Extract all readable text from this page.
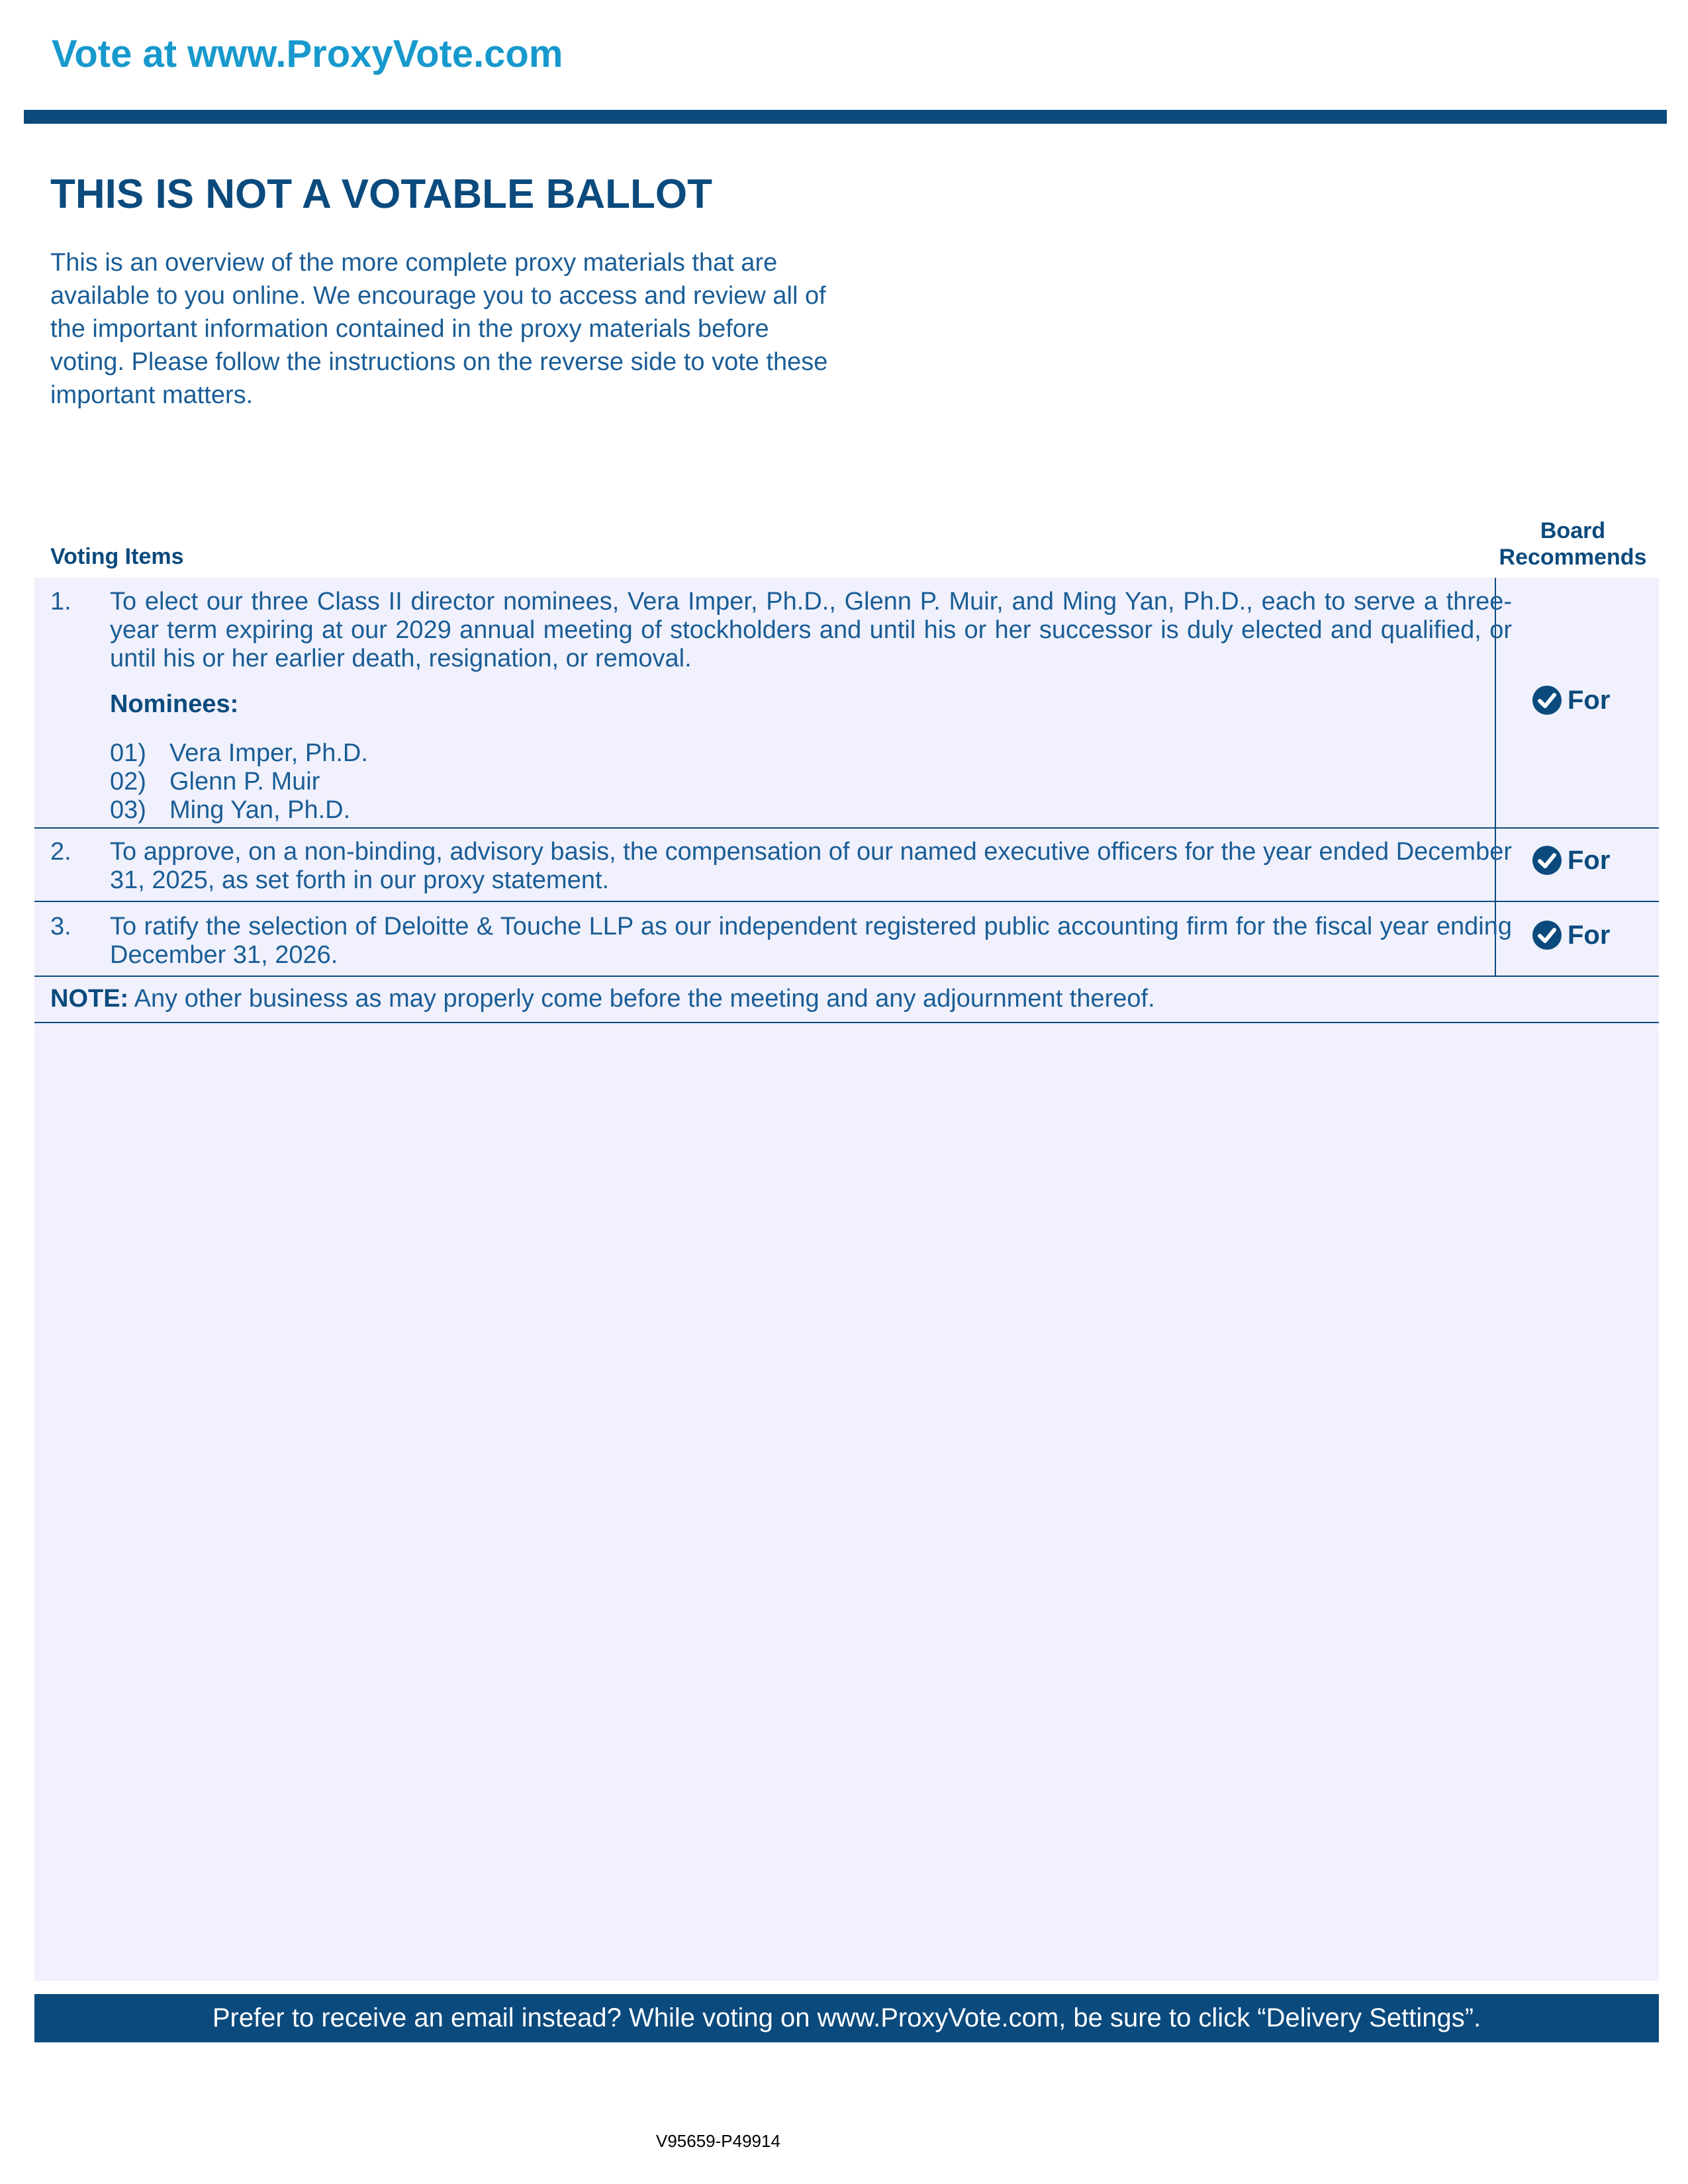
Vote at www.ProxyVote.com
THIS IS NOT A VOTABLE BALLOT

This is an overview of the more complete proxy materials that are available to you online. We encourage you to access and review all of the important information contained in the proxy materials before voting. Please follow the instructions on the reverse side to vote these important matters.

Voting Items
Board
Recommends
1. To elect our three Class II director nominees, Vera Imper, Ph.D., Glenn P. Muir, and Ming Yan, Ph.D., each to serve a three-year term expiring at our 2029 annual meeting of stockholders and until his or her successor is duly elected and qualified, or until his or her earlier death, resignation, or removal.

Nominees:

01) Vera Imper, Ph.D.
02) Glenn P. Muir
03) Ming Yan, Ph.D.
For
2. To approve, on a non-binding, advisory basis, the compensation of our named executive officers for the year ended December 31, 2025, as set forth in our proxy statement.

For
3. To ratify the selection of Deloitte & Touche LLP as our independent registered public accounting firm for the fiscal year ending December 31, 2026.

For

NOTE: Any other business as may properly come before the meeting and any adjournment thereof.

Prefer to receive an email instead? While voting on www.ProxyVote.com, be sure to click “Delivery Settings”.
V95659-P49914
